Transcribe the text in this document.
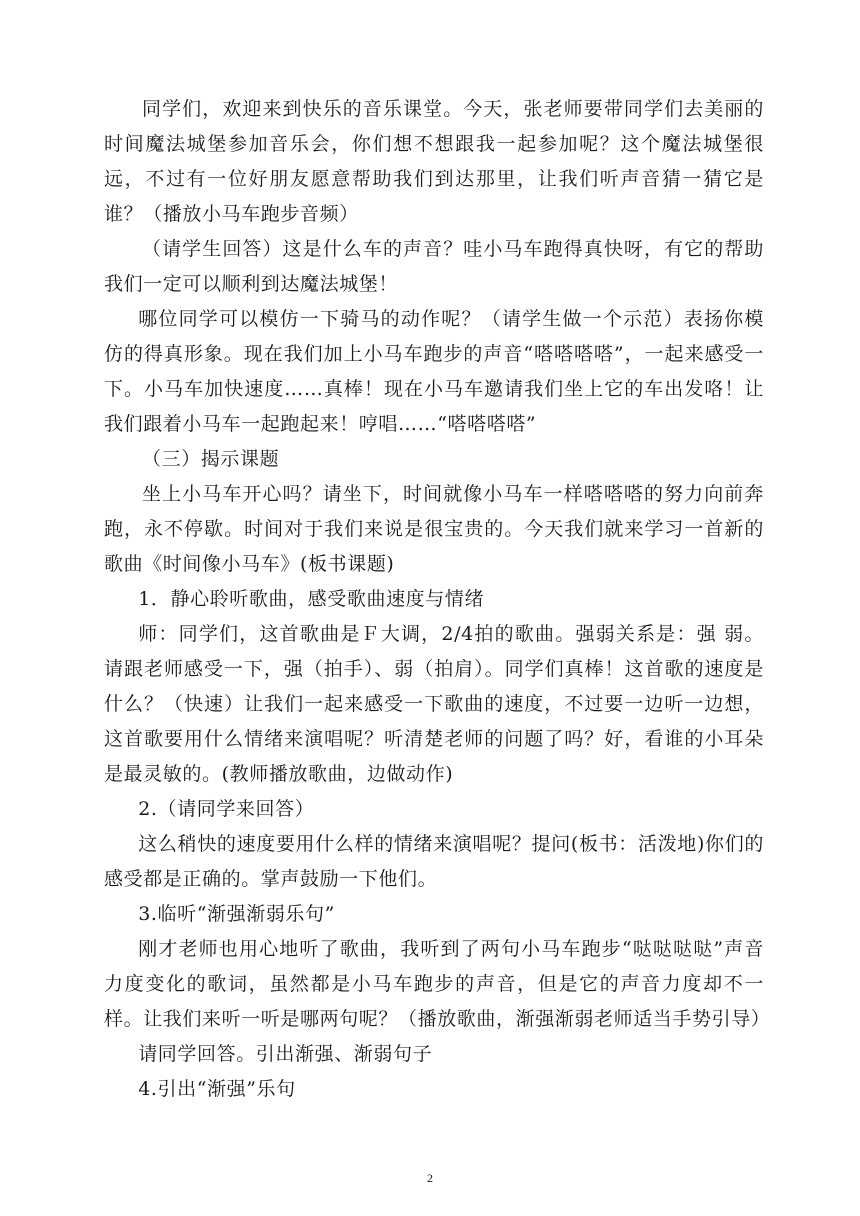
同学们，欢迎来到快乐的音乐课堂。今天，张老师要带同学们去美丽的时间魔法城堡参加音乐会，你们想不想跟我一起参加呢？这个魔法城堡很远，不过有一位好朋友愿意帮助我们到达那里，让我们听声音猜一猜它是谁？（播放小马车跑步音频）

（请学生回答）这是什么车的声音？哇小马车跑得真快呀，有它的帮助我们一定可以顺利到达魔法城堡！

哪位同学可以模仿一下骑马的动作呢？（请学生做一个示范）表扬你模仿的得真形象。现在我们加上小马车跑步的声音“嗒嗒嗒嗒”，一起来感受一下。小马车加快速度……真棒！现在小马车邀请我们坐上它的车出发咯！让我们跟着小马车一起跑起来！哼唱……“嗒嗒嗒嗒”

（三）揭示课题

坐上小马车开心吗？请坐下，时间就像小马车一样嗒嗒嗒的努力向前奔跑，永不停歇。时间对于我们来说是很宝贵的。今天我们就来学习一首新的歌曲《时间像小马车》(板书课题)

1．静心聆听歌曲，感受歌曲速度与情绪

师：同学们，这首歌曲是Ｆ大调，2/4拍的歌曲。强弱关系是：强 弱。请跟老师感受一下，强（拍手）、弱（拍肩）。同学们真棒！这首歌的速度是什么？（快速）让我们一起来感受一下歌曲的速度，不过要一边听一边想，这首歌要用什么情绪来演唱呢？听清楚老师的问题了吗？好，看谁的小耳朵是最灵敏的。(教师播放歌曲，边做动作)

2.（请同学来回答）

这么稍快的速度要用什么样的情绪来演唱呢？提问(板书：活泼地)你们的感受都是正确的。掌声鼓励一下他们。

3.临听“渐强渐弱乐句”

刚才老师也用心地听了歌曲，我听到了两句小马车跑步“哒哒哒哒”声音力度变化的歌词，虽然都是小马车跑步的声音，但是它的声音力度却不一样。让我们来听一听是哪两句呢？（播放歌曲，渐强渐弱老师适当手势引导）

请同学回答。引出渐强、渐弱句子

4.引出“渐强”乐句

2
